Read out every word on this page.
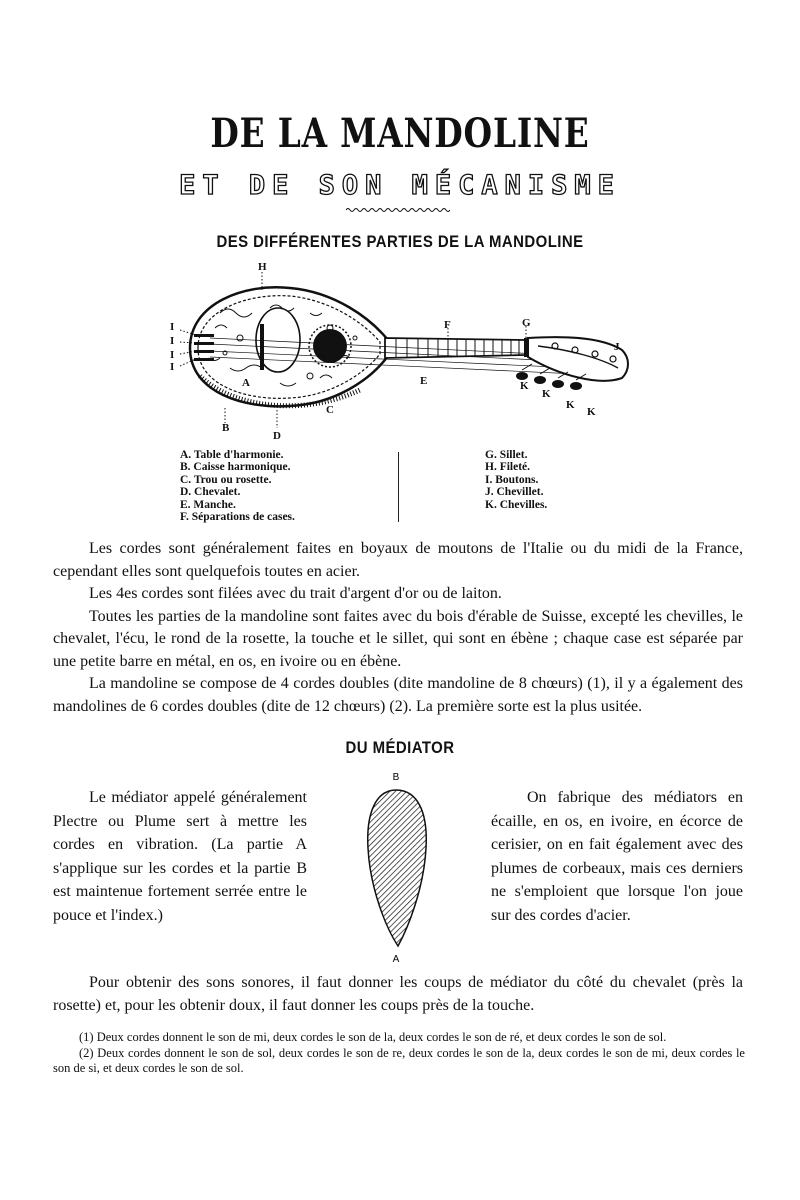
DE LA MANDOLINE
ET DE SON MÉCANISME
DES DIFFÉRENTES PARTIES DE LA MANDOLINE
H
F	G
J
I
I
I
I
E
B
D
C
A	K
K
K
K
A. Table d'harmonie.
B. Caisse harmonique.
C. Trou ou rosette.
D. Chevalet.
E. Manche.
F. Séparations de cases.
G. Sillet.
H. Fileté.
I. Boutons.
J. Chevillet.
K. Chevilles.

Les cordes sont généralement faites en boyaux de moutons de l'Italie ou du midi de la France, cependant elles sont quelquefois toutes en acier.

Les 4es cordes sont filées avec du trait d'argent d'or ou de laiton.

Toutes les parties de la mandoline sont faites avec du bois d'érable de Suisse, excepté les chevilles, le chevalet, l'écu, le rond de la rosette, la touche et le sillet, qui sont en ébène ; chaque case est séparée par une petite barre en métal, en os, en ivoire ou en ébène.

La mandoline se compose de 4 cordes doubles (dite mandoline de 8 chœurs) (1), il y a également des mandolines de 6 cordes doubles (dite de 12 chœurs) (2). La première sorte est la plus usitée.

DU MÉDIATOR

Le médiator appelé généralement Plectre ou Plume sert à mettre les cordes en vibration. (La partie A s'applique sur les cordes et la partie B est maintenue fortement serrée entre le pouce et l'index.)

B
A

On fabrique des médiators en écaille, en os, en ivoire, en écorce de cerisier, on en fait également avec des plumes de corbeaux, mais ces derniers ne s'emploient que lorsque l'on joue sur des cordes d'acier.

Pour obtenir des sons sonores, il faut donner les coups de médiator du côté du chevalet (près la rosette) et, pour les obtenir doux, il faut donner les coups près de la touche.

(1) Deux cordes donnent le son de mi, deux cordes le son de la, deux cordes le son de ré, et deux cordes le son de sol.

(2) Deux cordes donnent le son de sol, deux cordes le son de re, deux cordes le son de la, deux cordes le son de mi, deux cordes le son de si, et deux cordes le son de sol.
